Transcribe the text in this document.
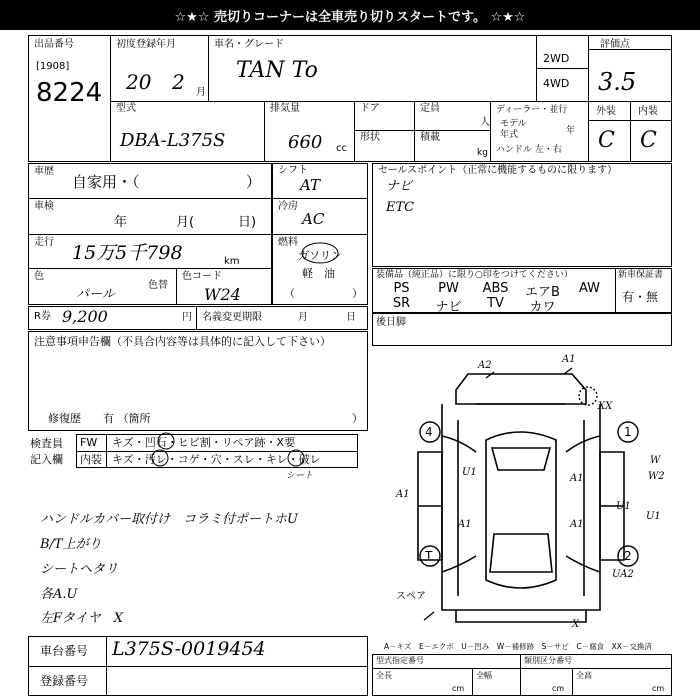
☆★☆ 売切りコーナーは全車売り切りスタートです。 ☆★☆
出品番号
[1908]
8224
初度登録年月
20 2 月
車名・グレード
TAN To	2WD
4WD
評価点
3.5
型式
DBA-L375S
排気量
660 cc
ドア
形状
定員
人
積載
kg
ディーラー・並行
モデル
年式	年
ハンドル 左・右
外装
C
内装
C
車歴
自家用・（	）
車検
年	月(	日)
走行 15万5千798	km
色
パール
色替
色コード
W24
シフト
AT
冷房
AC
燃料
ガソリン
軽　油
（	）
セールスポイント（正常に機能するものに限ります）
ナビ
ETC
装備品（純正品）に限り○印をつけてください）	新車保証書
有・無
PS	PW	ABS	エアB	AW
SR	ナビ	TV	カワ
R券 9,200	円 名義変更期限	月	日 後日脚
注意事項申告欄（不具合内容等は具体的に記入して下さい）
修復歴　　有 （箇所	）
検査員
記入欄
FW キズ・凹石・ヒビ割・リペア跡・X要
内装 キズ・汚レ・コゲ・穴・スレ・キレ・破レ
シート
ハンドルカバー取付け　コラミ付ポートホU
B/T上がり
シートヘタリ
各A.U
左Fタイヤ　X
車台番号 L375S-0019454
登録番号
4	1
T	2
A2
A1
XX
U1
A1
A1
U1
A1	A1
U1
UA2
W2
X
W
スペア
A－キズ　E－エクボ　U－凹み　W－補修跡　S－サビ　C－腐食　XX－交換済
型式指定番号	類別区分番号
全長	全幅	全高
cm	cm	cm
